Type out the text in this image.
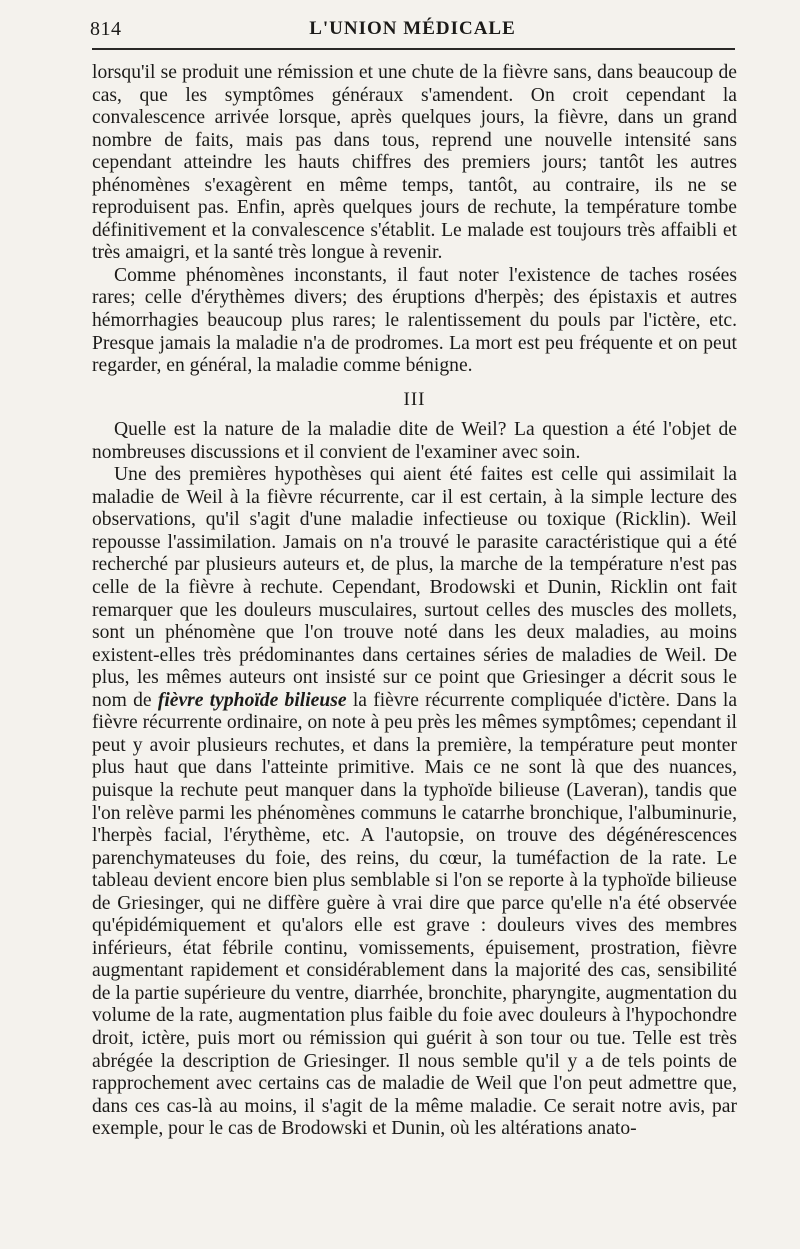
814	L'UNION MÉDICALE

lorsqu'il se produit une rémission et une chute de la fièvre sans, dans beaucoup de cas, que les symptômes généraux s'amendent. On croit cependant la convalescence arrivée lorsque, après quelques jours, la fièvre, dans un grand nombre de faits, mais pas dans tous, reprend une nouvelle intensité sans cependant atteindre les hauts chiffres des premiers jours; tantôt les autres phénomènes s'exagèrent en même temps, tantôt, au contraire, ils ne se reproduisent pas. Enfin, après quelques jours de rechute, la température tombe définitivement et la convalescence s'établit. Le malade est toujours très affaibli et très amaigri, et la santé très longue à revenir.

Comme phénomènes inconstants, il faut noter l'existence de taches rosées rares; celle d'érythèmes divers; des éruptions d'herpès; des épistaxis et autres hémorrhagies beaucoup plus rares; le ralentissement du pouls par l'ictère, etc. Presque jamais la maladie n'a de prodromes. La mort est peu fréquente et on peut regarder, en général, la maladie comme bénigne.

III

Quelle est la nature de la maladie dite de Weil? La question a été l'objet de nombreuses discussions et il convient de l'examiner avec soin.

Une des premières hypothèses qui aient été faites est celle qui assimilait la maladie de Weil à la fièvre récurrente, car il est certain, à la simple lecture des observations, qu'il s'agit d'une maladie infectieuse ou toxique (Ricklin). Weil repousse l'assimilation. Jamais on n'a trouvé le parasite caractéristique qui a été recherché par plusieurs auteurs et, de plus, la marche de la température n'est pas celle de la fièvre à rechute. Cependant, Brodowski et Dunin, Ricklin ont fait remarquer que les douleurs musculaires, surtout celles des muscles des mollets, sont un phénomène que l'on trouve noté dans les deux maladies, au moins existent-elles très prédominantes dans certaines séries de maladies de Weil. De plus, les mêmes auteurs ont insisté sur ce point que Griesinger a décrit sous le nom de fièvre typhoïde bilieuse la fièvre récurrente compliquée d'ictère. Dans la fièvre récurrente ordinaire, on note à peu près les mêmes symptômes; cependant il peut y avoir plusieurs rechutes, et dans la première, la température peut monter plus haut que dans l'atteinte primitive. Mais ce ne sont là que des nuances, puisque la rechute peut manquer dans la typhoïde bilieuse (Laveran), tandis que l'on relève parmi les phénomènes communs le catarrhe bronchique, l'albuminurie, l'herpès facial, l'érythème, etc. A l'autopsie, on trouve des dégénérescences parenchymateuses du foie, des reins, du cœur, la tuméfaction de la rate. Le tableau devient encore bien plus semblable si l'on se reporte à la typhoïde bilieuse de Griesinger, qui ne diffère guère à vrai dire que parce qu'elle n'a été observée qu'épidémiquement et qu'alors elle est grave : douleurs vives des membres inférieurs, état fébrile continu, vomissements, épuisement, prostration, fièvre augmentant rapidement et considérablement dans la majorité des cas, sensibilité de la partie supérieure du ventre, diarrhée, bronchite, pharyngite, augmentation du volume de la rate, augmentation plus faible du foie avec douleurs à l'hypochondre droit, ictère, puis mort ou rémission qui guérit à son tour ou tue. Telle est très abrégée la description de Griesinger. Il nous semble qu'il y a de tels points de rapprochement avec certains cas de maladie de Weil que l'on peut admettre que, dans ces cas-là au moins, il s'agit de la même maladie. Ce serait notre avis, par exemple, pour le cas de Brodowski et Dunin, où les altérations anato-
